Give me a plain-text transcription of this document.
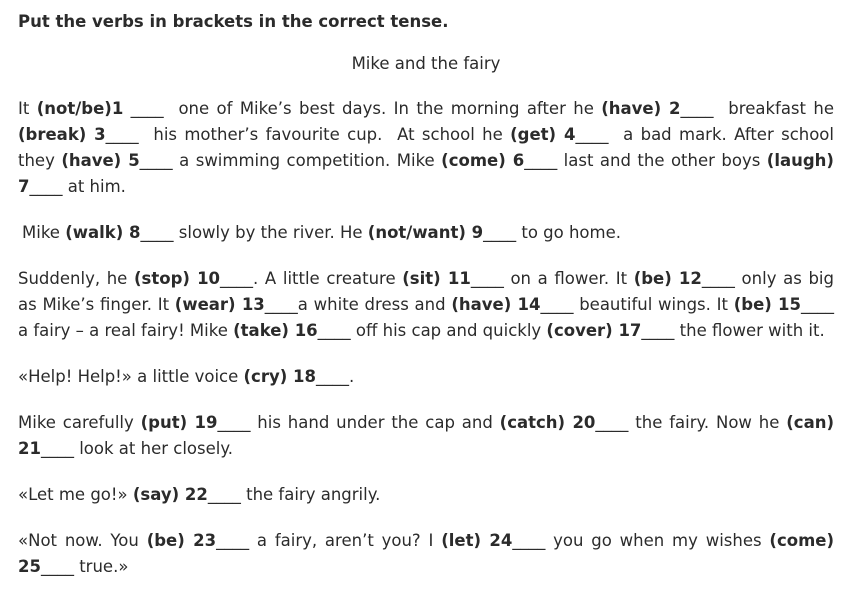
Put the verbs in brackets in the correct tense.
Mike and the fairy

It (not/be)1 ____  one of Mike’s best days. In the morning after he (have) 2____  breakfast he (break) 3____  his mother’s favourite cup.  At school he (get) 4____  a bad mark. After school they (have) 5____ a swimming competition. Mike (come) 6____ last and the other boys (laugh) 7____ at him.

Mike (walk) 8____ slowly by the river. He (not/want) 9____ to go home.

Suddenly, he (stop) 10____. A little creature (sit) 11____ on a flower. It (be) 12____ only as big as Mike’s finger. It (wear) 13____a white dress and (have) 14____ beautiful wings. It (be) 15____ a fairy – a real fairy! Mike (take) 16____ off his cap and quickly (cover) 17____ the flower with it.

«Help! Help!» a little voice (cry) 18____.

Mike carefully (put) 19____ his hand under the cap and (catch) 20____ the fairy. Now he (can) 21____ look at her closely.

«Let me go!» (say) 22____ the fairy angrily.

«Not now. You (be) 23____ a fairy, aren’t you? I (let) 24____ you go when my wishes (come) 25____ true.»
